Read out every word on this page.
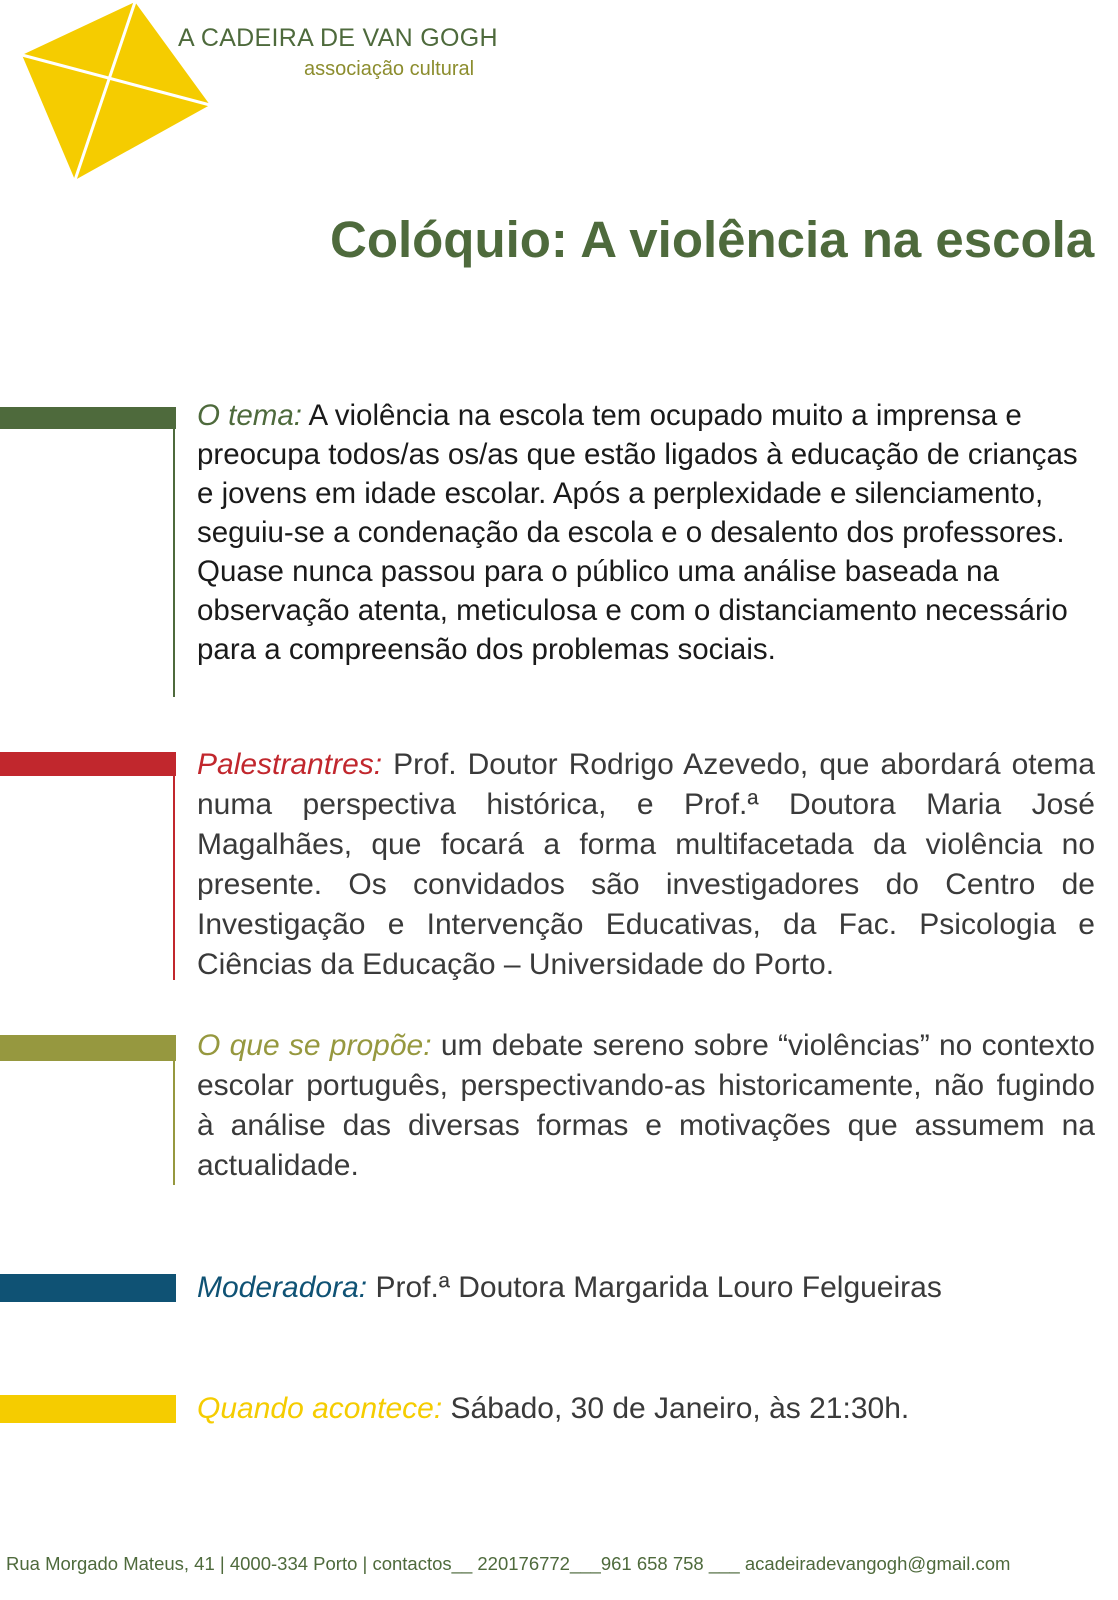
A CADEIRA DE VAN GOGH
associação cultural
Colóquio: A violência na escola

O tema: A violência na escola tem ocupado muito a imprensa e preocupa todos/as os/as que estão ligados à educação de crianças e jovens em idade escolar. Após a perplexidade e silenciamento, seguiu-se a condenação da escola e o desalento dos professores. Quase nunca passou para o público uma análise baseada na observação atenta, meticulosa e com o distanciamento necessário para a compreensão dos problemas sociais.

Palestrantres: Prof. Doutor Rodrigo Azevedo, que abordará otema numa perspectiva histórica, e Prof.ª Doutora Maria José Magalhães, que focará a forma multifacetada da violência no presente. Os convidados são investigadores do Centro de Investigação e Intervenção Educativas, da Fac. Psicologia e Ciências da Educação – Universidade do Porto.

O que se propõe: um debate sereno sobre “violências” no contexto escolar português, perspectivando-as historicamente, não fugindo à análise das diversas formas e motivações que assumem na actualidade.

Moderadora: Prof.ª Doutora Margarida Louro Felgueiras

Quando acontece: Sábado, 30 de Janeiro, às 21:30h.

Rua Morgado Mateus, 41 | 4000-334 Porto | contactos__ 220176772___961 658 758 ___ acadeiradevangogh@gmail.com
